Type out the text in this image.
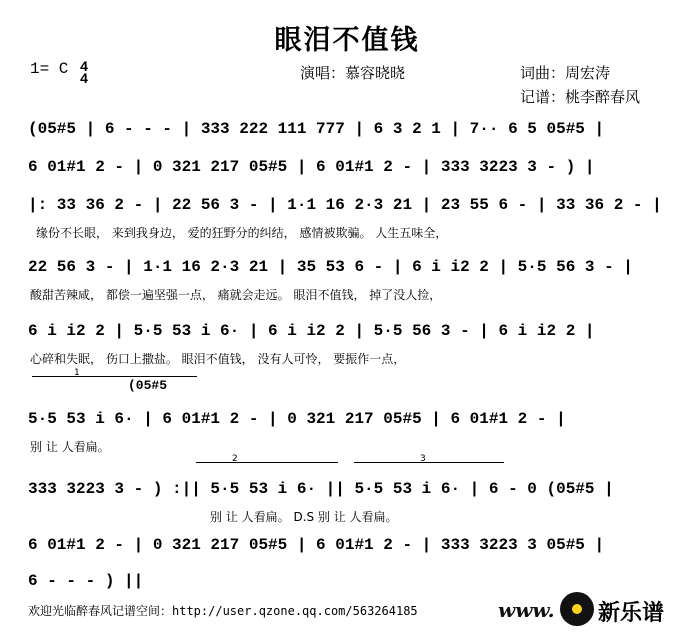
眼泪不值钱
1= C 4
4	演唱：慕容晓晓	词曲：周宏涛
记谱：桃李醉春风
(05#5 | 6 - - - | 333 222 111 777 | 6 3 2 1 | 7·· 6 5 05#5 |
6 01#1 2 - | 0 321 217 05#5 | 6 01#1 2 - | 333 3223 3 - ) |
|: 33 36 2 - | 22 56 3 - | 1·1 16 2·3 21 | 23 55 6 - | 33 36 2 - |
缘份不长眼， 来到我身边， 爱的狂野分的纠结， 感情被欺骗。 人生五味全，
22 56 3 - | 1·1 16 2·3 21 | 35 53 6 - | 6 i i2 2 | 5·5 56 3 - |
酸甜苦辣咸， 都偿一遍坚强一点， 痛就会走远。 眼泪不值钱， 掉了没人捡，
6 i i2 2 | 5·5 53 i 6· | 6 i i2 2 | 5·5 56 3 - | 6 i i2 2 |
心碎和失眠， 伤口上撒盐。 眼泪不值钱， 没有人可怜， 要振作一点，
1
(05#5
5·5 53 i 6· | 6 01#1 2 - | 0 321 217 05#5 | 6 01#1 2 - |
别 让 人看扁。
2	3
333 3223 3 - ) :|| 5·5 53 i 6· || 5·5 53 i 6· | 6 - 0 (05#5 |
别 让 人看扁。 D.S 别 让 人看扁。
6 01#1 2 - | 0 321 217 05#5 | 6 01#1 2 - | 333 3223 3 05#5 |
6 - - - ) ||
欢迎光临醉春风记谱空间：http://user.qzone.qq.com/563264185	www. 新乐谱
